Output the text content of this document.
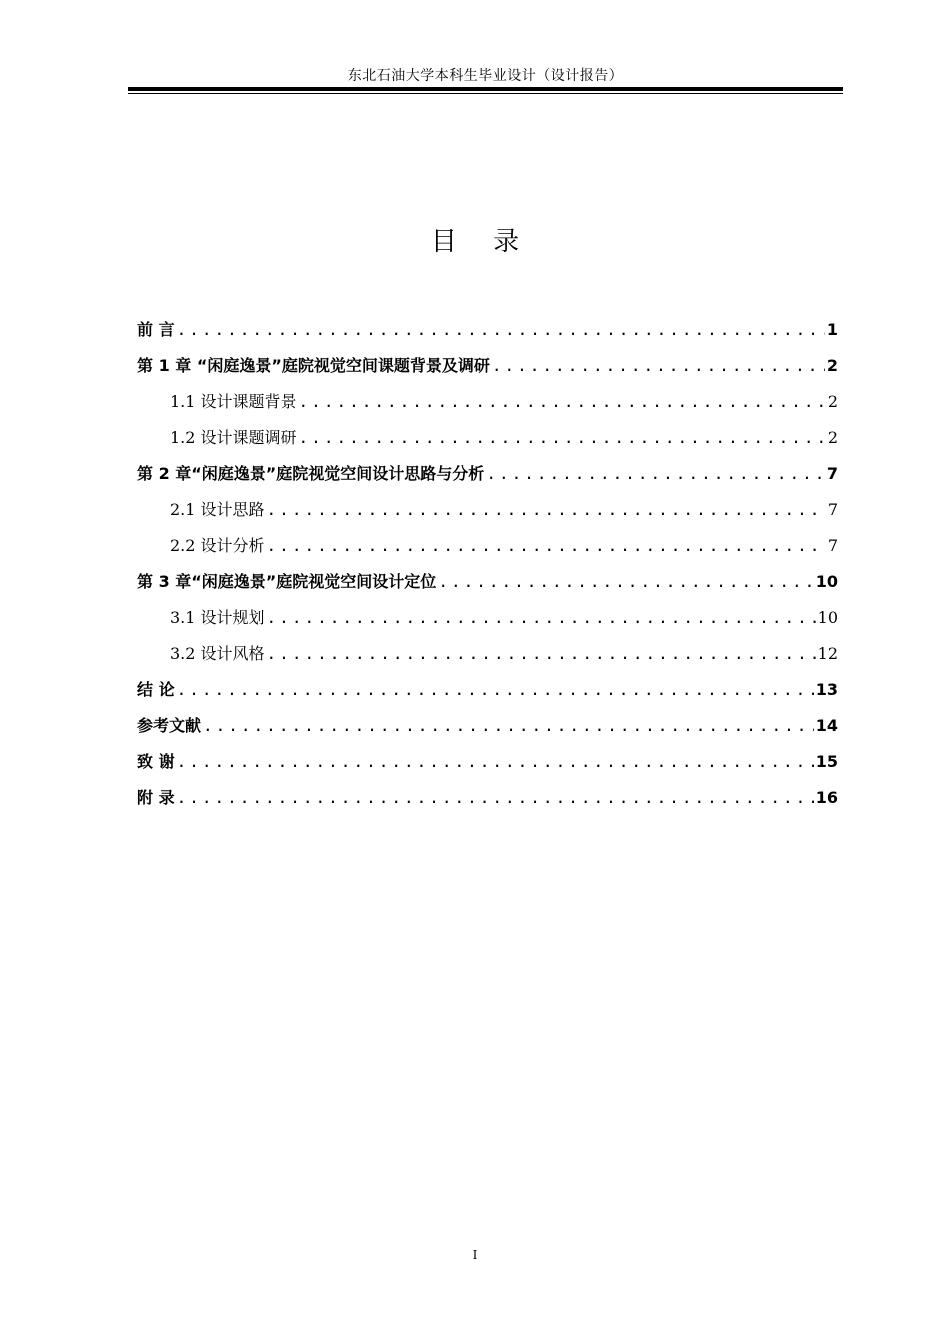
东北石油大学本科生毕业设计（设计报告）
目 录
前 言 .....	1
第 1 章 “闲庭逸景”庭院视觉空间课题背景及调研 .....	2
1.1 设计课题背景 .....	2
1.2 设计课题调研 .....	2
第 2 章“闲庭逸景”庭院视觉空间设计思路与分析 .....	7
2.1 设计思路 .....	7
2.2 设计分析 .....	7
第 3 章“闲庭逸景”庭院视觉空间设计定位 .....	10
3.1 设计规划 .....	10
3.2 设计风格 .....	12
结 论 .....	13
参考文献 .....	14
致 谢 .....	15
附 录 .....	16
I
